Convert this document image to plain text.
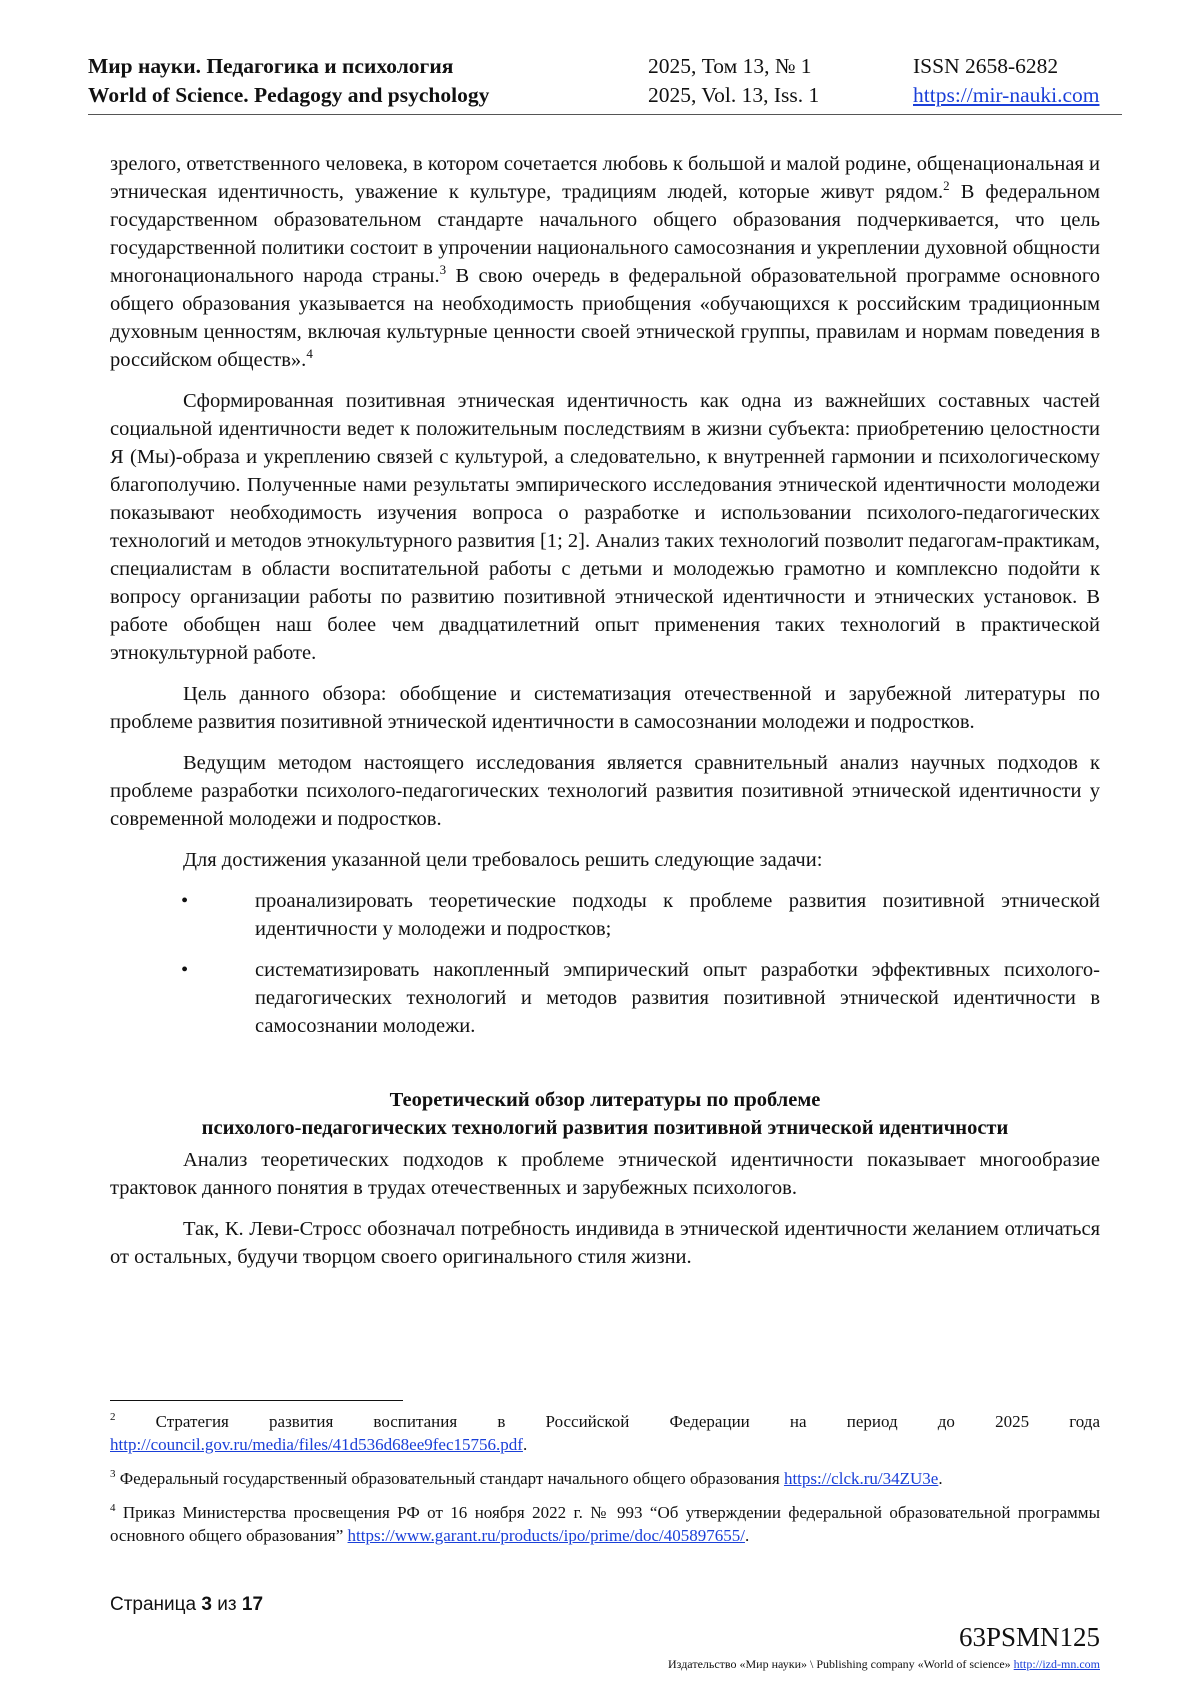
Мир науки. Педагогика и психология
World of Science. Pedagogy and psychology
2025, Том 13, № 1
2025, Vol. 13, Iss. 1
ISSN 2658-6282
https://mir-nauki.com

зрелого, ответственного человека, в котором сочетается любовь к большой и малой родине, общенациональная и этническая идентичность, уважение к культуре, традициям людей, которые живут рядом.$^2$ В федеральном государственном образовательном стандарте начального общего образования подчеркивается, что цель государственной политики состоит в упрочении национального самосознания и укреплении духовной общности многонационального народа страны.$^3$ В свою очередь в федеральной образовательной программе основного общего образования указывается на необходимость приобщения «обучающихся к российским традиционным духовным ценностям, включая культурные ценности своей этнической группы, правилам и нормам поведения в российском обществ».$^4$

Сформированная позитивная этническая идентичность как одна из важнейших составных частей социальной идентичности ведет к положительным последствиям в жизни субъекта: приобретению целостности Я (Мы)-образа и укреплению связей с культурой, а следовательно, к внутренней гармонии и психологическому благополучию. Полученные нами результаты эмпирического исследования этнической идентичности молодежи показывают необходимость изучения вопроса о разработке и использовании психолого-педагогических технологий и методов этнокультурного развития [1; 2]. Анализ таких технологий позволит педагогам-практикам, специалистам в области воспитательной работы с детьми и молодежью грамотно и комплексно подойти к вопросу организации работы по развитию позитивной этнической идентичности и этнических установок. В работе обобщен наш более чем двадцатилетний опыт применения таких технологий в практической этнокультурной работе.

Цель данного обзора: обобщение и систематизация отечественной и зарубежной литературы по проблеме развития позитивной этнической идентичности в самосознании молодежи и подростков.

Ведущим методом настоящего исследования является сравнительный анализ научных подходов к проблеме разработки психолого-педагогических технологий развития позитивной этнической идентичности у современной молодежи и подростков.

Для достижения указанной цели требовалось решить следующие задачи:

•	проанализировать теоретические подходы к проблеме развития позитивной этнической идентичности у молодежи и подростков;
•	систематизировать накопленный эмпирический опыт разработки эффективных психолого-педагогических технологий и методов развития позитивной этнической идентичности в самосознании молодежи.
Теоретический обзор литературы по проблеме
психолого-педагогических технологий развития позитивной этнической идентичности

Анализ теоретических подходов к проблеме этнической идентичности показывает многообразие трактовок данного понятия в трудах отечественных и зарубежных психологов.

Так, К. Леви-Стросс обозначал потребность индивида в этнической идентичности желанием отличаться от остальных, будучи творцом своего оригинального стиля жизни.

$^2$ Стратегия развития воспитания в Российской Федерации на период до 2025 года http://council.gov.ru/media/files/41d536d68ee9fec15756.pdf.

$^3$ Федеральный государственный образовательный стандарт начального общего образования https://clck.ru/34ZU3e.

$^4$ Приказ Министерства просвещения РФ от 16 ноября 2022 г. № 993 “Об утверждении федеральной образовательной программы основного общего образования” https://www.garant.ru/products/ipo/prime/doc/405897655/.

Страница 3 из 17
63PSMN125
Издательство «Мир науки» \ Publishing company «World of science» http://izd-mn.com
